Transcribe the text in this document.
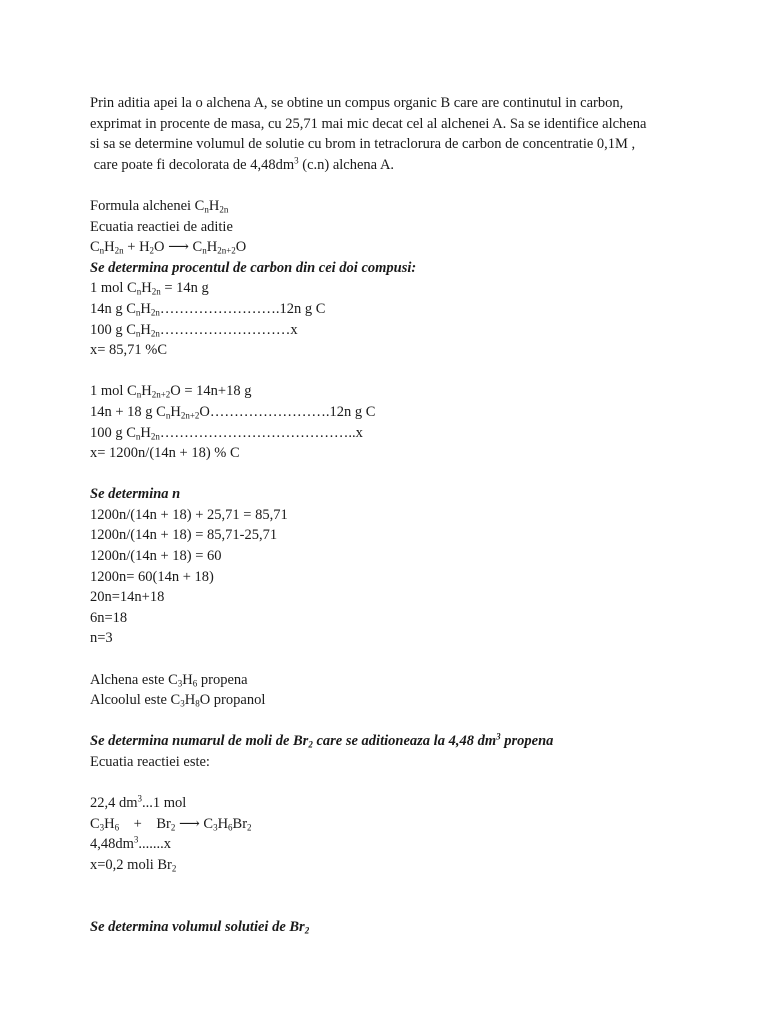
Prin aditia apei la o alchena A, se obtine un compus organic B care are continutul in carbon,
exprimat in procente de masa, cu 25,71 mai mic decat cel al alchenei A. Sa se identifice alchena
si sa se determine volumul de solutie cu brom in tetraclorura de carbon de concentratie 0,1M ,
care poate fi decolorata de $4,48dm^3$ (c.n) alchena A.
Formula alchenei $C_nH_{2n}$
Ecuatia reactiei de aditie
$C_nH_{2n} + H_2O$ ⟶ $C_nH_{2n+2}O$
Se determina procentul de carbon din cei doi compusi:
1 mol $C_nH_{2n} = 14n$ g
14n g $C_nH_{2n}\dots\dots\dots\dots\dots\dots\dots\dots.12n$ g C
100 g $C_nH_{2n}\dots\dots\dots\dots\dots\dots\dots\dots\dots x$
x= 85,71 %C
1 mol $C_nH_{2n+2}O = 14n+18$ g
14n + 18 g $C_nH_{2n+2}O\dots\dots\dots\dots\dots\dots\dots\dots.12n$ g C
100 g $C_nH_{2n}\dots\dots\dots\dots\dots\dots\dots\dots\dots\dots\dots\dots\dots..x$
x= 1200n/(14n + 18) % C
Se determina n
1200n/(14n + 18) + 25,71 = 85,71
1200n/(14n + 18) = 85,71-25,71
1200n/(14n + 18) = 60
1200n= 60(14n + 18)
20n=14n+18
6n=18
n=3
Alchena este $C_3H_6$ propena
Alcoolul este $C_3H_8O$ propanol
Se determina numarul de moli de $Br_2$ care se aditioneaza la 4,48 $dm^3$ propena
Ecuatia reactiei este:
22,4 $dm^3...1$ mol
$C_3H_6$    +    $Br_2$ ⟶ $C_3H_6Br_2$
$4,48dm^3.......x$
x=0,2 moli $Br_2$
Se determina volumul solutiei de $Br_2$
